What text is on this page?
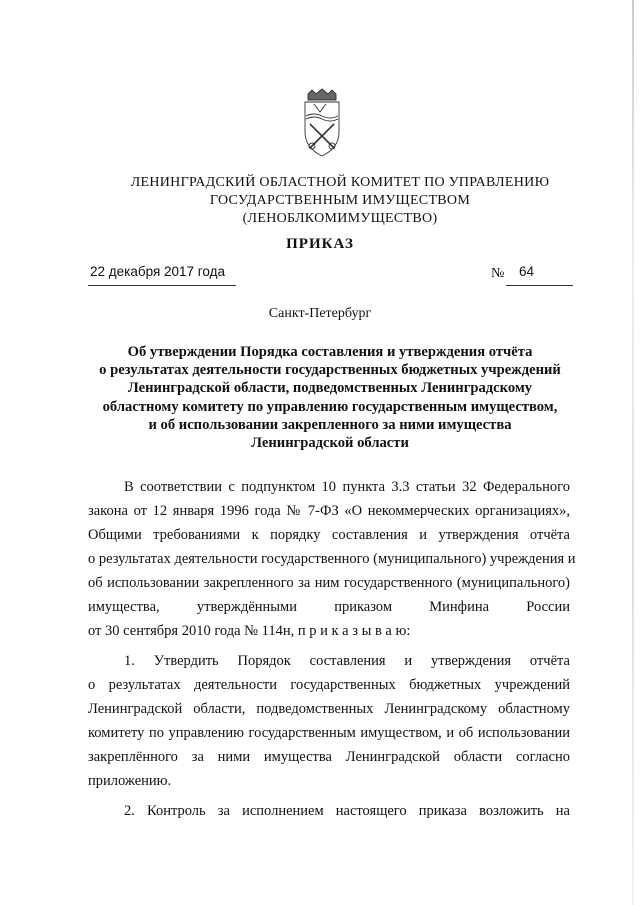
ЛЕНИНГРАДСКИЙ ОБЛАСТНОЙ КОМИТЕТ ПО УПРАВЛЕНИЮ
ГОСУДАРСТВЕННЫМ ИМУЩЕСТВОМ
(ЛЕНОБЛКОМИМУЩЕСТВО)
ПРИКАЗ
22 декабря 2017 года	№ 64
Санкт-Петербург
Об утверждении Порядка составления и утверждения отчёта
о результатах деятельности государственных бюджетных учреждений
Ленинградской области, подведомственных Ленинградскому
областному комитету по управлению государственным имуществом,
и об использовании закрепленного за ними имущества
Ленинградской области
В соответствии с подпунктом 10 пункта 3.3 статьи 32 Федерального
закона от 12 января 1996 года № 7-ФЗ «О некоммерческих организациях»,
Общими требованиями к порядку составления и утверждения отчёта
о результатах деятельности государственного (муниципального) учреждения и
об использовании закрепленного за ним государственного (муниципального)
имущества, утверждёнными приказом Минфина России
от 30 сентября 2010 года № 114н, п р и к а з ы в а ю:
1. Утвердить Порядок составления и утверждения отчёта
о результатах деятельности государственных бюджетных учреждений
Ленинградской области, подведомственных Ленинградскому областному
комитету по управлению государственным имуществом, и об использовании
закреплённого за ними имущества Ленинградской области согласно
приложению.
2. Контроль за исполнением настоящего приказа возложить на
